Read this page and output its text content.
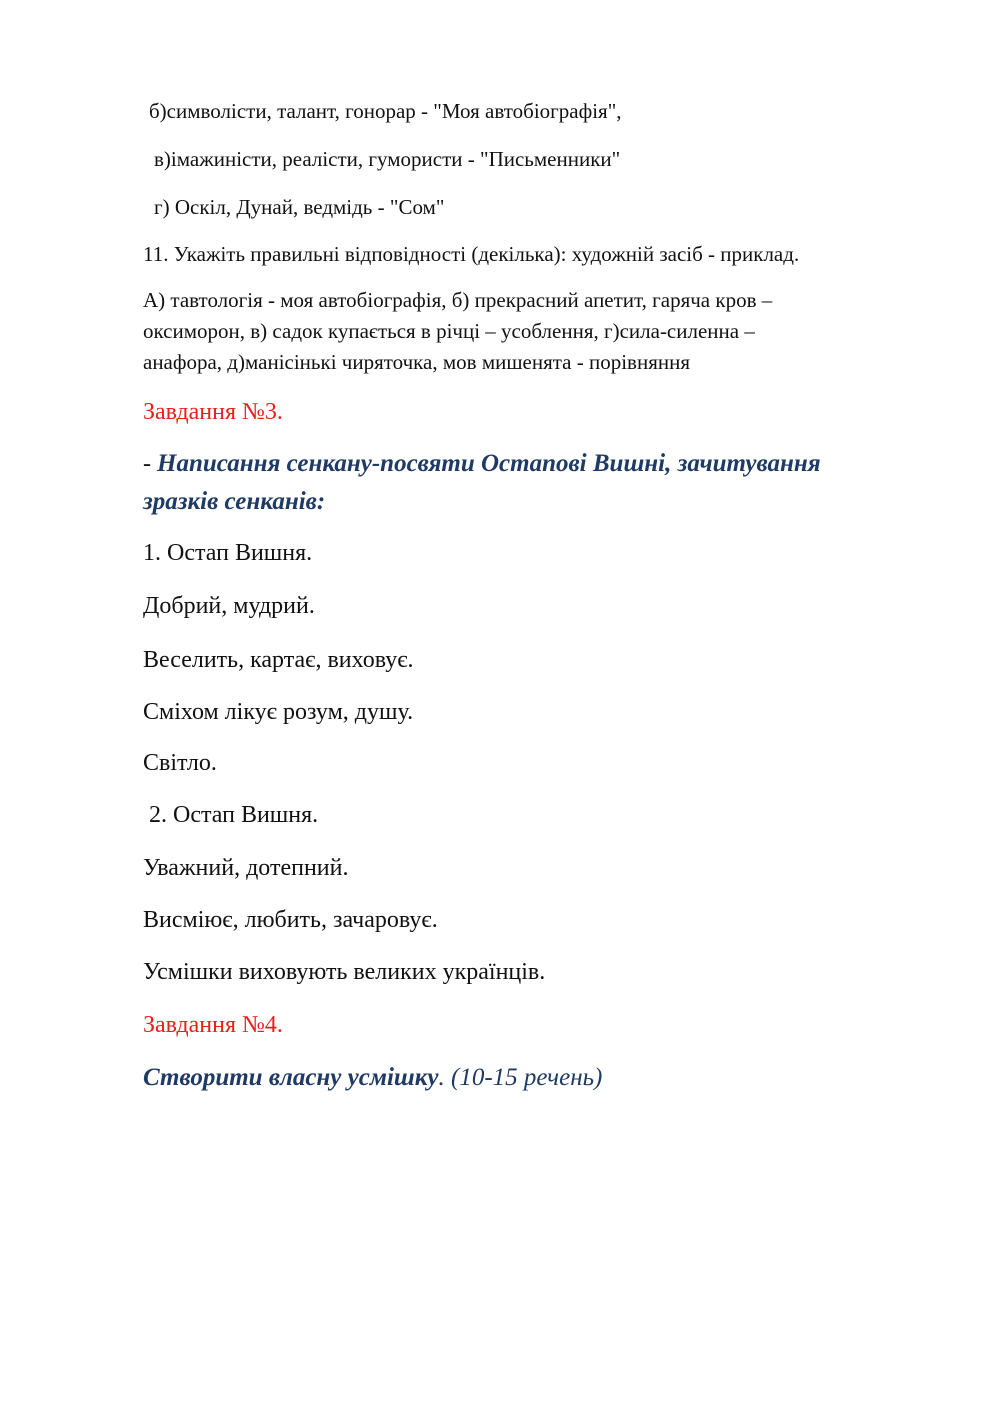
б)символісти, талант, гонорар - "Моя автобіографія",
в)імажиністи, реалісти, гумористи - "Письменники"
г) Оскіл, Дунай, ведмідь - "Сом"
11. Укажіть правильні відповідності (декілька): художній засіб - приклад.
А) тавтологія - моя автобіографія, б) прекрасний апетит, гаряча кров –
оксиморон, в) садок купається в річці – усоблення, г)сила-силенна –
анафора, д)манісінькі чиряточка, мов мишенята - порівняння
Завдання №3.
- Написання сенкану-посвяти Остапові Вишні, зачитування
зразків сенканів:
1. Остап Вишня.
Добрий, мудрий.
Веселить, картає, виховує.
Сміхом лікує розум, душу.
Світло.
2. Остап Вишня.
Уважний, дотепний.
Висміює, любить, зачаровує.
Усмішки виховують великих українців.
Завдання №4.
Створити власну усмішку. (10-15 речень)
